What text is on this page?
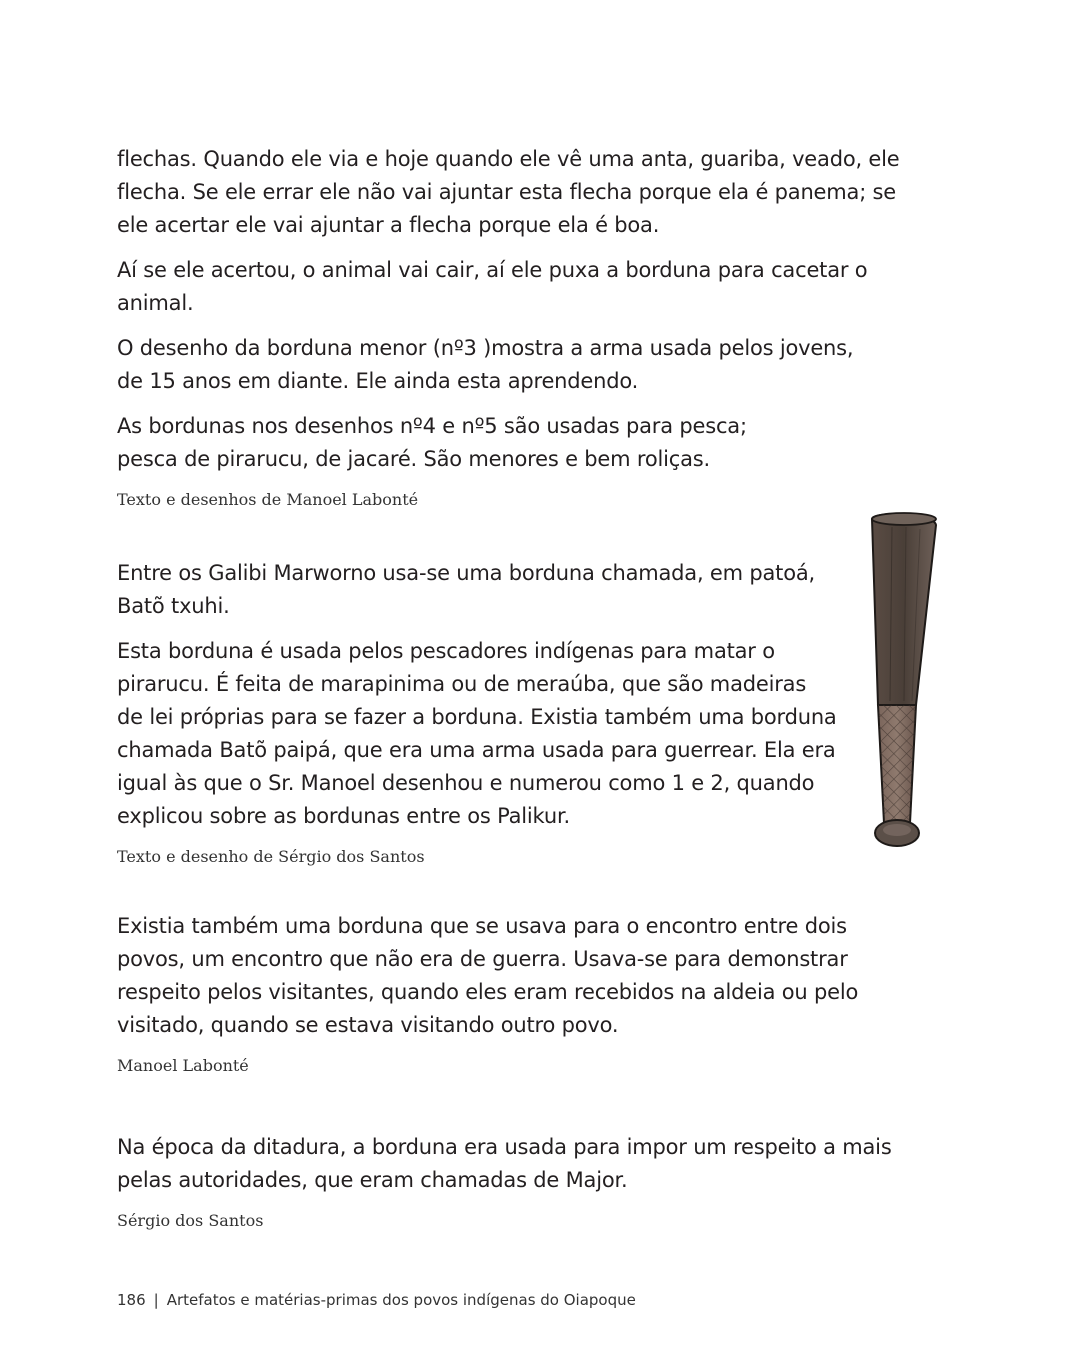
flechas. Quando ele via e hoje quando ele vê uma anta, guariba, veado, ele
flecha. Se ele errar ele não vai ajuntar esta flecha porque ela é panema; se
ele acertar ele vai ajuntar a flecha porque ela é boa.

Aí se ele acertou, o animal vai cair, aí ele puxa a borduna para cacetar o
animal.

O desenho da borduna menor (nº3 )mostra a arma usada pelos jovens,
de 15 anos em diante. Ele ainda esta aprendendo.

As bordunas nos desenhos nº4 e nº5 são usadas para pesca;
pesca de pirarucu, de jacaré. São menores e bem roliças.

Texto e desenhos de Manoel Labonté

Entre os Galibi Marworno usa-se uma borduna chamada, em patoá,
Batõ txuhi.

Esta borduna é usada pelos pescadores indígenas para matar o
pirarucu. É feita de marapinima ou de meraúba, que são madeiras
de lei próprias para se fazer a borduna. Existia também uma borduna
chamada Batõ paipá, que era uma arma usada para guerrear. Ela era
igual às que o Sr. Manoel desenhou e numerou como 1 e 2, quando
explicou sobre as bordunas entre os Palikur.

Texto e desenho de Sérgio dos Santos

Existia também uma borduna que se usava para o encontro entre dois
povos, um encontro que não era de guerra. Usava-se para demonstrar
respeito pelos visitantes, quando eles eram recebidos na aldeia ou pelo
visitado, quando se estava visitando outro povo.

Manoel Labonté

Na época da ditadura, a borduna era usada para impor um respeito a mais
pelas autoridades, que eram chamadas de Major.

Sérgio dos Santos

186 | Artefatos e matérias-primas dos povos indígenas do Oiapoque
